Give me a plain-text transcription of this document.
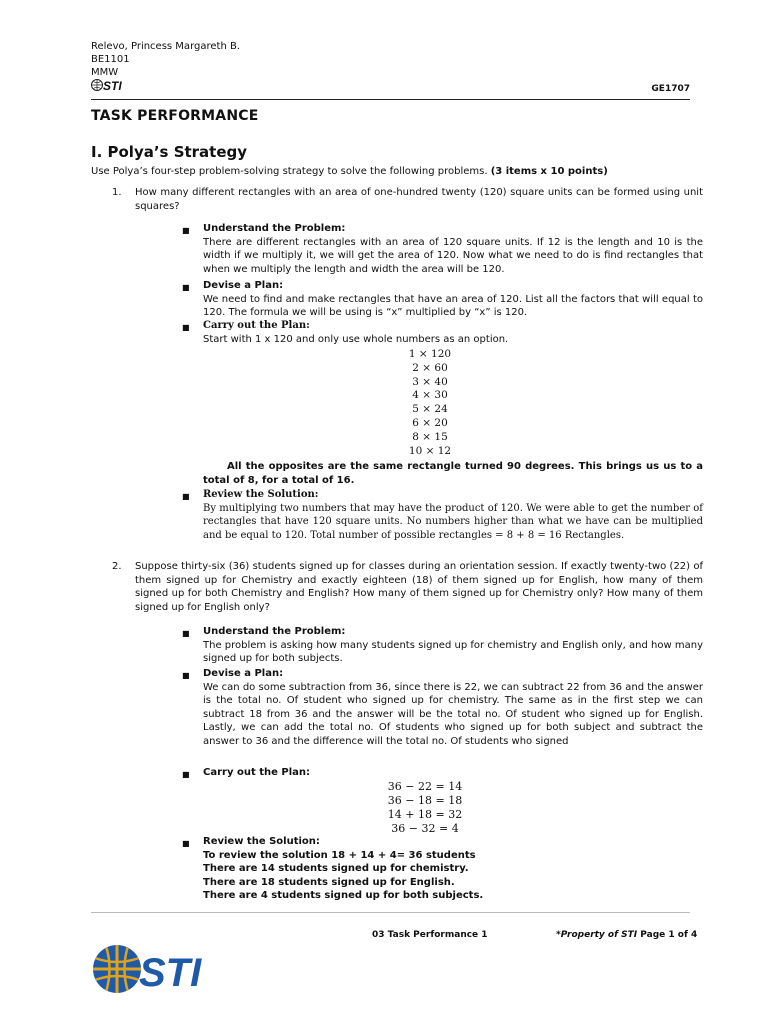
Relevo, Princess Margareth B.
BE1101
MMW
STI	GE1707
TASK PERFORMANCE
I. Polya’s Strategy
Use Polya’s four-step problem-solving strategy to solve the following problems. (3 items x 10 points)
1.	How many different rectangles with an area of one-hundred twenty (120) square units can be formed using unit squares?
■ Understand the Problem:
There are different rectangles with an area of 120 square units. If 12 is the length and 10 is the width if we multiply it, we will get the area of 120. Now what we need to do is find rectangles that when we multiply the length and width the area will be 120.
■ Devise a Plan:
We need to find and make rectangles that have an area of 120. List all the factors that will equal to 120. The formula we will be using is “x” multiplied by “x” is 120.
■ Carry out the Plan:
Start with 1 x 120 and only use whole numbers as an option.
1 × 120
2 × 60
3 × 40
4 × 30
5 × 24
6 × 20
8 × 15
10 × 12
All the opposites are the same rectangle turned 90 degrees. This brings us us to a total of 8, for a total of 16.
■ Review the Solution:
By multiplying two numbers that may have the product of 120. We were able to get the number of rectangles that have 120 square units. No numbers higher than what we have can be multiplied and be equal to 120. Total number of possible rectangles = 8 + 8 = 16 Rectangles.
2.	Suppose thirty-six (36) students signed up for classes during an orientation session. If exactly twenty-two (22) of them signed up for Chemistry and exactly eighteen (18) of them signed up for English, how many of them signed up for both Chemistry and English? How many of them signed up for Chemistry only? How many of them signed up for English only?
■ Understand the Problem:
The problem is asking how many students signed up for chemistry and English only, and how many signed up for both subjects.
■ Devise a Plan:
We can do some subtraction from 36, since there is 22, we can subtract 22 from 36 and the answer is the total no. Of student who signed up for chemistry. The same as in the first step we can subtract 18 from 36 and the answer will be the total no. Of student who signed up for English. Lastly, we can add the total no. Of students who signed up for both subject and subtract the answer to 36 and the difference will the total no. Of students who signed
■ Carry out the Plan:
36 − 22 = 14
36 − 18 = 18
14 + 18 = 32
36 − 32 = 4
■ Review the Solution:
To review the solution 18 + 14 + 4= 36 students
There are 14 students signed up for chemistry.
There are 18 students signed up for English.
There are 4 students signed up for both subjects.
03 Task Performance 1	*Property of STI Page 1 of 4
STI
